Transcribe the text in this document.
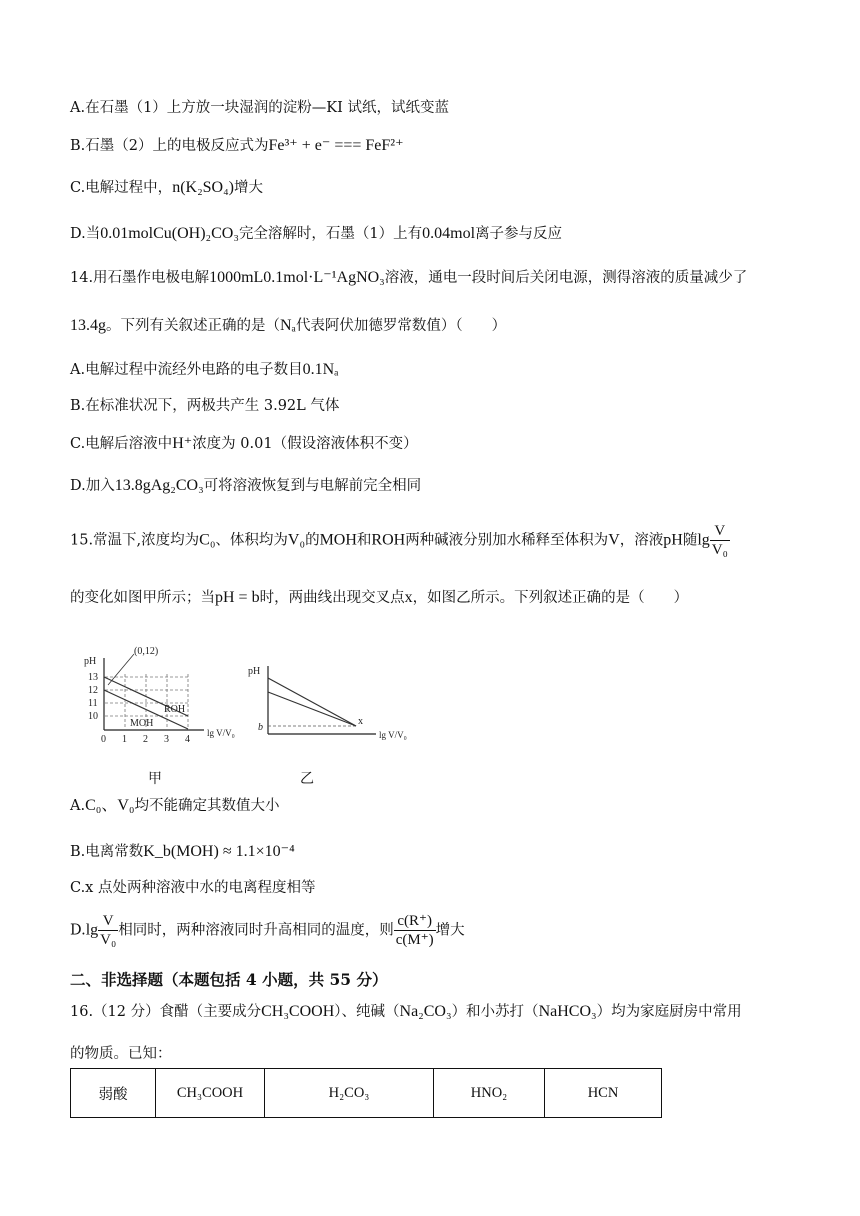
A.在石墨（1）上方放一块湿润的淀粉—KI 试纸，试纸变蓝
B.石墨（2）上的电极反应式为Fe³⁺ + e⁻ === FeF²⁺
C.电解过程中，n(K₂SO₄)增大
D.当0.01molCu(OH)₂CO₃完全溶解时，石墨（1）上有0.04mol离子参与反应
14.用石墨作电极电解1000mL0.1mol·L⁻¹AgNO₃溶液，通电一段时间后关闭电源，测得溶液的质量减少了
13.4g。下列有关叙述正确的是（Nₐ代表阿伏加德罗常数值）（　　）
A.电解过程中流经外电路的电子数目0.1Nₐ
B.在标准状况下，两极共产生 3.92L 气体
C.电解后溶液中H⁺浓度为 0.01（假设溶液体积不变）
D.加入13.8gAg₂CO₃可将溶液恢复到与电解前完全相同
15.常温下,浓度均为C₀、体积均为V₀的MOH和ROH两种碱液分别加水稀释至体积为V，溶液pH随$\lg \frac{V}{\text{V₀}}$
的变化如图甲所示；当pH = b时，两曲线出现交叉点x，如图乙所示。下列叙述正确的是（　　）
pH
13
12
11
10
0 1 2 3 4
lg V/V₀
(0,12)
ROH
MOH
pH
b
x
lg V/V₀
甲	乙
A.C₀、V₀均不能确定其数值大小
B.电离常数K_b(MOH) ≈ 1.1×10⁻⁴
C.x 点处两种溶液中水的电离程度相等
$D.\lg \frac{V}{\text{V₀}}$ 相同时，两种溶液同时升高相同的温度，则 $\frac{c(R^+)}{c(M^+)}$ 增大
二、非选择题（本题包括 4 小题，共 55 分）
16.（12 分）食醋（主要成分CH₃COOH）、纯碱（Na₂CO₃）和小苏打（NaHCO₃）均为家庭厨房中常用
的物质。已知：
弱酸	CH₃COOH	H₂CO₃	HNO₂	HCN
